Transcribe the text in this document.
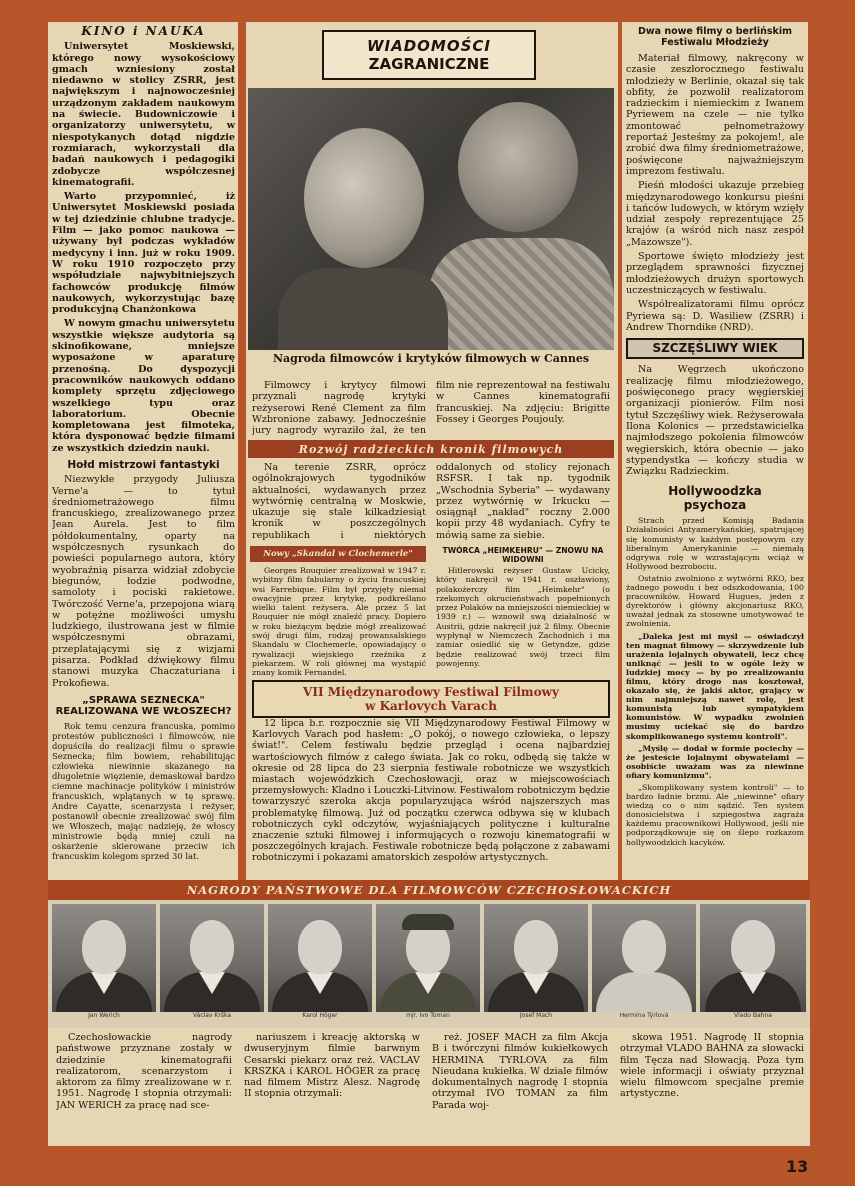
KINO i NAUKA

Uniwersytet Moskiewski, którego nowy wysokościowy gmach wzniesiony został niedawno w stolicy ZSRR, jest największym i najnowocześniej urządzonym zakładem naukowym na świecie. Budowniczowie i organizatorzy uniwersytetu, w niespotykanych dotąd nigdzie rozmiarach, wykorzystali dla badań naukowych i pedagogiki zdobycze współczesnej kinematografii.

Warto przypomnieć, iż Uniwersytet Moskiewski posiada w tej dziedzinie chlubne tradycje. Film — jako pomoc naukowa — używany był podczas wykładów medycyny i inn. już w roku 1909. W roku 1910 rozpoczęto przy współudziale najwybitniejszych fachowców produkcję filmów naukowych, wykorzystując bazę produkcyjną Chanżonkowa

W nowym gmachu uniwersytetu wszystkie większe audytoria są skinofikowane, mniejsze wyposażone w aparaturę przenośną. Do dyspozycji pracowników naukowych oddano komplety sprzętu zdjęciowego wszelkiego typu oraz laboratorium. Obecnie kompletowana jest filmoteka, która dysponować będzie filmami ze wszystkich dziedzin nauki.

Hołd mistrzowi fantastyki

Niezwykłe przygody Juliusza Verne'a — to tytuł średniometrażowego filmu francuskiego, zrealizowanego przez Jean Aurela. Jest to film półdokumentalny, oparty na współczesnych rysunkach do powieści popularnego autora, który wyobraźnią pisarza widział zdobycie biegunów, łodzie podwodne, samoloty i pociski rakietowe. Twórczość Verne'a, przepojona wiarą w potężne możliwości umysłu ludzkiego, ilustrowana jest w filmie współczesnymi obrazami, przeplatającymi się z wizjami pisarza. Podkład dźwiękowy filmu stanowi muzyka Chaczaturiana i Prokofiewa.

„SPRAWA SEZNECKA" REALIZOWANA WE WŁOSZECH?

Rok temu cenzura francuska, pomimo protestów publiczności i filmowców, nie dopuściła do realizacji filmu o sprawie Seznecka; film bowiem, rehabilitując człowieka niewinnie skazanego na długoletnie więzienie, demaskował bardzo ciemne machinacje polityków i ministrów francuskich, wplątanych w tę sprawę. Andre Cayatte, scenarzysta i reżyser, postanowił obecnie zrealizować swój film we Włoszech, mając nadzieję, że włoscy ministrowie będą mniej czuli na oskarżenie skierowane przeciw ich francuskim kolegom sprzed 30 lat.

WIADOMOŚCI
ZAGRANICZNE
Nagroda filmowców i krytyków filmowych w Cannes

Filmowcy i krytycy filmowi przyznali nagrodę krytyki reżyserowi René Clement za film Wzbronione zabawy. Jednocześnie jury nagrody wyraziło żal, że ten film nie reprezentował na festiwalu w Cannes kinematografii francuskiej. Na zdjęciu: Brigitte Fossey i Georges Poujouly.

Rozwój radzieckich kronik filmowych

Na terenie ZSRR, oprócz ogólnokrajowych tygodników aktualności, wydawanych przez wytwórnię centralną w Moskwie, ukazuje się stale kilkadziesiąt kronik w poszczególnych republikach i niektórych oddalonych od stolicy rejonach RSFSR. I tak np. tygodnik „Wschodnia Syberia" — wydawany przez wytwórnię w Irkucku — osiągnął „nakład" roczny 2.000 kopii przy 48 wydaniach. Cyfry te mówią same za siebie.

Nowy „Skandal w Clochemerle"

Georges Rouquier zrealizował w 1947 r. wybitny film fabularny o życiu francuskiej wsi Farrebique. Film był przyjęty niemal owacyjnie przez krytykę, podkreślano wielki talent reżysera. Ale przez 5 lat Rouquier nie mógł znaleźć pracy. Dopiero w roku bieżącym będzie mógł zrealizować swój drugi film, rodzaj prowansalskiego Skandalu w Clochemerle, opowiadający o rywalizacji wiejskiego rzeźnika z piekarzem. W roli głównej ma wystąpić znany komik Fernandel.

TWÓRCA „HEIMKEHRU" — ZNOWU NA WIDOWNI

Hitlerowski reżyser Gustaw Ucicky, który nakręcił w 1941 r. oszławiony, polakożerczy film „Heimkehr" (o rzekomych okrucieństwach popełnionych przez Polaków na mniejszości niemieckiej w 1939 r.) — wznowił swą działalność w Austrii, gdzie nakręcił już 2 filmy. Obecnie wypłynął w Niemczech Zachodnich i ma zamiar osiedlić się w Getyndze, gdzie będzie realizować swój trzeci film powojenny.

VII Międzynarodowy Festiwal Filmowy
w Karlovych Varach

12 lipca b.r. rozpocznie się VII Międzynarodowy Festiwal Filmowy w Karlovych Varach pod hasłem: „O pokój, o nowego człowieka, o lepszy świat!". Celem festiwalu będzie przegląd i ocena najbardziej wartościowych filmów z całego świata. Jak co roku, odbędą się także w okresie od 28 lipca do 23 sierpnia festiwale robotnicze we wszystkich miastach wojewódzkich Czechosłowacji, oraz w miejscowościach przemysłowych: Kladno i Louczki-Litvinow. Festiwalom robotniczym będzie towarzyszyć szeroka akcja popularyzująca wśród najszerszych mas problematykę filmową. Już od początku czerwca odbywa się w klubach robotniczych cykl odczytów, wyjaśniających polityczne i kulturalne znaczenie sztuki filmowej i informujących o rozwoju kinematografii w poszczególnych krajach. Festiwale robotnicze będą połączone z zabawami robotniczymi i pokazami amatorskich zespołów artystycznych.

Dwa nowe filmy o berlińskim Festiwalu Młodzieży

Materiał filmowy, nakręcony w czasie zeszłorocznego festiwalu młodzieży w Berlinie, okazał się tak obfity, że pozwolił realizatorom radzieckim i niemieckim z Iwanem Pyriewem na czele — nie tylko zmontować pełnometrażowy reportaż Jesteśmy za pokojem!, ale zrobić dwa filmy średniometrażowe, poświęcone najważniejszym imprezom festiwalu.

Pieśń młodości ukazuje przebieg międzynarodowego konkursu pieśni i tańców ludowych, w którym wzięły udział zespoły reprezentujące 25 krajów (a wśród nich nasz zespół „Mazowsze").

Sportowe święto młodzieży jest przeglądem sprawności fizycznej młodzieżowych drużyn sportowych uczestniczących w festiwalu.

Współrealizatorami filmu oprócz Pyriewa są: D. Wasiliew (ZSRR) i Andrew Thorndike (NRD).

SZCZĘŚLIWY WIEK

Na Węgrzech ukończono realizację filmu młodzieżowego, poświęconego pracy węgierskiej organizacji pionierów. Film nosi tytuł Szczęśliwy wiek. Reżyserowała Ilona Kolonics — przedstawicielka najmłodszego pokolenia filmowców węgierskich, która obecnie — jako stypendystka — kończy studia w Związku Radzieckim.

Hollywoodzka psychoza

Strach przed Komisją Badania Działalności Antyamerykańskiej, spatrującej się komunisty w każdym postępowym czy liberalnym Amerykaninie — niemałą odgrywa rolę w wzrastającym wciąż w Hollywood bezrobociu.

Ostatnio zwolniono z wytwórni RKO, bez żadnego powodu i bez odszkodowania, 100 pracowników. Howard Hugues, jeden z dyrektorów i główny akcjonariusz RKO, uważał jednak za stosowne umotywować te zwolnienia.

„Daleka jest mi myśl — oświadczył ten magnat filmowy — skrzywdzenie lub urażenia lojalnych obywateli, lecz chcę uniknąć — jeśli to w ogóle leży w ludzkiej mocy — by po zrealizowaniu filmu, który drogo nas kosztował, okazało się, że jakiś aktor, grający w nim najmniejszą nawet rolę, jest komunistą lub sympatykiem komunistów. W wypadku zwolnień musimy uciekać się do bardzo skomplikowanego systemu kontroli".

„Myślę — dodał w formie pociechy — że jesteście lojalnymi obywatelami — osobiście uważam was za niewinne ofiary komunizmu".

„Skomplikowany system kontroli" — to bardzo ładnie brzmi. Ale „niewinne" ofiary wiedzą co o nim sądzić. Ten system donosicielstwa i szpiegostwa zagraża każdemu pracownikowi Hollywood, jeśli nie podporządkowuje się on ślepo rozkazom hollywoodzkich kacyków.

NAGRODY PAŃSTWOWE DLA FILMOWCÓW CZECHOSŁOWACKICH
Jan Werich	Václav Krška	Karol Höger	mjr. Ivo Toman	Josef Mach	Hermina Týrlová	Vlado Bahna

Czechosłowackie nagrody państwowe przyznane zostały w dziedzinie kinematografii realizatorom, scenarzystom i aktorom za filmy zrealizowane w r. 1951. Nagrodę I stopnia otrzymali: JAN WERICH za pracę nad sce-

nariuszem i kreację aktorską w dwuseryjnym filmie barwnym Cesarski piekarz oraz reż. VACLAV KRSZKA i KAROL HÖGER za pracę nad filmem Mistrz Alesz. Nagrodę II stopnia otrzymali:

reż. JOSEF MACH za film Akcja B i twórczyni filmów kukiełkowych HERMINA TYRLOVA za film Nieudana kukiełka. W dziale filmów dokumentalnych nagrodę I stopnia otrzymał IVO TOMAN za film Parada woj-

skowa 1951. Nagrodę II stopnia otrzymał VLADO BAHNA za słowacki film Tęcza nad Słowacją. Poza tym wiele informacji i oświaty przyznał wielu filmowcom specjalne premie artystyczne.

13
